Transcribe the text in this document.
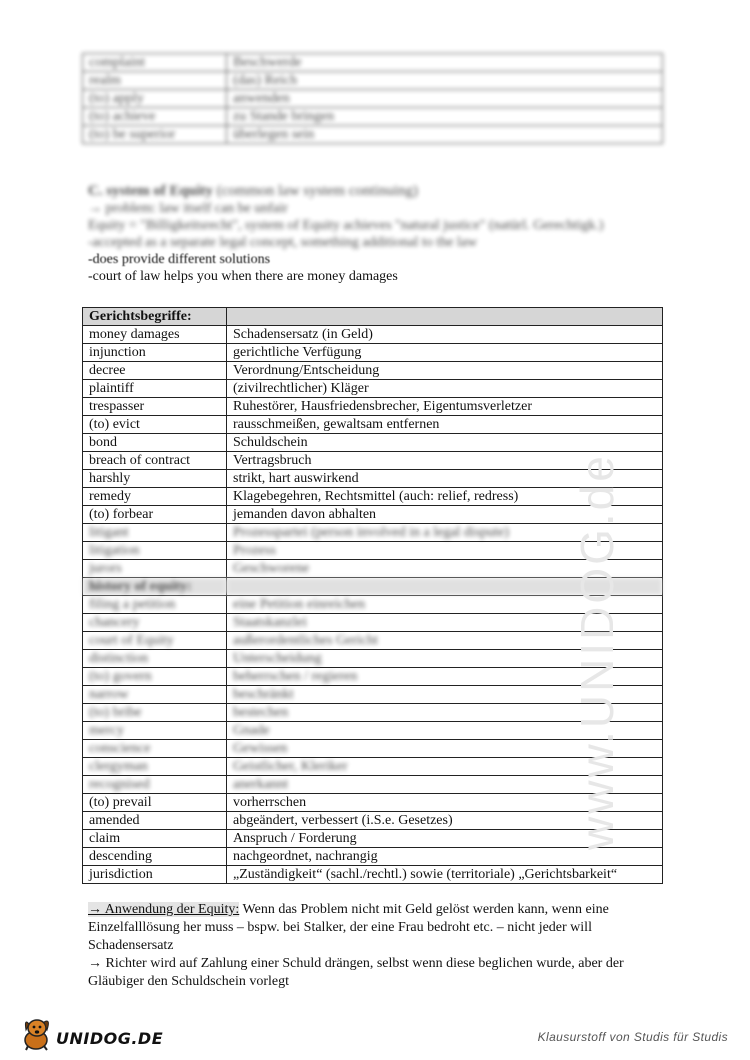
complaint	Beschwerde
realm	(das) Reich
(to) apply	anwenden
(to) achieve	zu Stande bringen
(to) be superior	überlegen sein
C. system of Equity (common law system continuing)
→ problem: law itself can be unfair
Equity = "Billigkeitsrecht", system of Equity achieves "natural justice" (natürl. Gerechtigk.)
-accepted as a separate legal concept, something additional to the law
-does provide different solutions
-court of law helps you when there are money damages
Gerichtsbegriffe:	
money damages	Schadensersatz (in Geld)
injunction	gerichtliche Verfügung
decree	Verordnung/Entscheidung
plaintiff	(zivilrechtlicher) Kläger
trespasser	Ruhestörer, Hausfriedensbrecher, Eigentumsverletzer
(to) evict	rausschmeißen, gewaltsam entfernen
bond	Schuldschein
breach of contract	Vertragsbruch
harshly	strikt, hart auswirkend
remedy	Klagebegehren, Rechtsmittel (auch: relief, redress)
(to) forbear	jemanden davon abhalten
litigant	Prozesspartei (person involved in a legal dispute)
litigation	Prozess
jurors	Geschworene
history of equity:	
filing a petition	eine Petition einreichen
chancery	Staatskanzlei
court of Equity	außerordentliches Gericht
distinction	Unterscheidung
(to) govern	beherrschen / regieren
narrow	beschränkt
(to) bribe	bestechen
mercy	Gnade
conscience	Gewissen
clergyman	Geistlicher, Kleriker
recognised	anerkannt
(to) prevail	vorherrschen
amended	abgeändert, verbessert (i.S.e. Gesetzes)
claim	Anspruch / Forderung
descending	nachgeordnet, nachrangig
jurisdiction	„Zuständigkeit“ (sachl./rechtl.) sowie (territoriale) „Gerichtsbarkeit“

→ Anwendung der Equity: Wenn das Problem nicht mit Geld gelöst werden kann, wenn eine Einzelfalllösung her muss – bspw. bei Stalker, der eine Frau bedroht etc. – nicht jeder will Schadensersatz

→ Richter wird auf Zahlung einer Schuld drängen, selbst wenn diese beglichen wurde, aber der Gläubiger den Schuldschein vorlegt

www.UNIDOG.de
UNIDOG.DE	Klausurstoff von Studis für Studis
